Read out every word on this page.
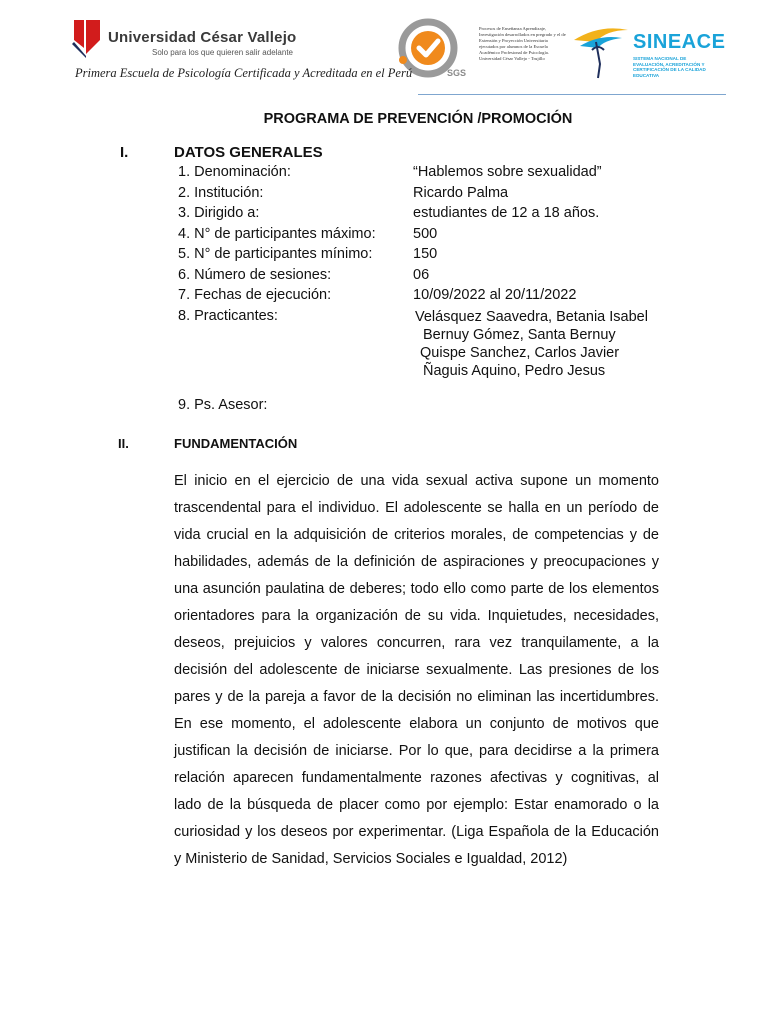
Universidad César Vallejo
Solo para los que quieren salir adelante
SGS
Procesos de Enseñanza Aprendizaje, Investigación desarrollados en pregrado y el de Extensión y Proyección Universitaria ejecutados por alumnos de la Escuela Académico Profesional de Psicología. Universidad César Vallejo - Trujillo
SINEACE
SISTEMA NACIONAL DE EVALUACIÓN, ACREDITACIÓN Y CERTIFICACIÓN DE LA CALIDAD EDUCATIVA
Primera Escuela de Psicología Certificada y Acreditada en el Perú
PROGRAMA DE PREVENCIÓN /PROMOCIÓN
I.	DATOS GENERALES
1. Denominación:	“Hablemos sobre sexualidad”
2. Institución:	Ricardo Palma
3. Dirigido a:	estudiantes de 12 a 18 años.
4. N° de participantes máximo:	500
5. N° de participantes mínimo:	150
6. Número de sesiones:	06
7. Fechas de ejecución:	10/09/2022 al 20/11/2022
8. Practicantes:	Velásquez Saavedra, Betania Isabel
Bernuy Gómez, Santa Bernuy
Quispe Sanchez, Carlos Javier
Ñaguis Aquino, Pedro Jesus
9. Ps. Asesor:
II.	FUNDAMENTACIÓN
El inicio en el ejercicio de una vida sexual activa supone un momento trascendental para el individuo. El adolescente se halla en un período de vida crucial en la adquisición de criterios morales, de competencias y de habilidades, además de la definición de aspiraciones y preocupaciones y una asunción paulatina de deberes; todo ello como parte de los elementos orientadores para la organización de su vida. Inquietudes, necesidades, deseos, prejuicios y valores concurren, rara vez tranquilamente, a la decisión del adolescente de iniciarse sexualmente. Las presiones de los pares y de la pareja a favor de la decisión no eliminan las incertidumbres. En ese momento, el adolescente elabora un conjunto de motivos que justifican la decisión de iniciarse. Por lo que, para decidirse a la primera relación aparecen fundamentalmente razones afectivas y cognitivas, al lado de la búsqueda de placer como por ejemplo: Estar enamorado o la curiosidad y los deseos por experimentar. (Liga Española de la Educación y Ministerio de Sanidad, Servicios Sociales e Igualdad, 2012)
